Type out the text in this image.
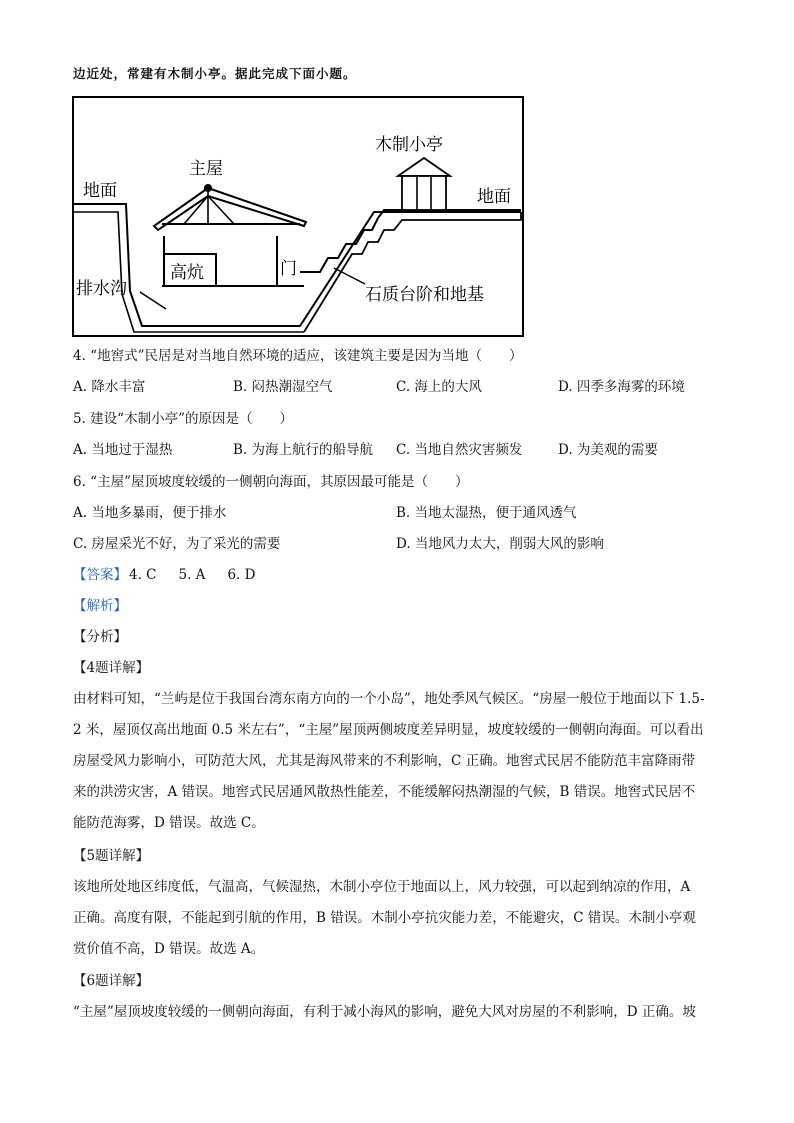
边近处，常建有木制小亭。据此完成下面小题。
地面	地面
主屋
木制小亭
高炕	门
排水沟	石质台阶和地基
4. “地窖式”民居是对当地自然环境的适应，该建筑主要是因为当地（　　）
A. 降水丰富	B. 闷热潮湿空气	C. 海上的大风	D. 四季多海雾的环境
5. 建设“木制小亭”的原因是（　　）
A. 当地过于湿热	B. 为海上航行的船导航 C. 当地自然灾害频发	D. 为美观的需要
6. “主屋”屋顶坡度较缓的一侧朝向海面，其原因最可能是（　　）
A. 当地多暴雨，便于排水	B. 当地太湿热，便于通风透气
C. 房屋采光不好，为了采光的需要	D. 当地风力太大，削弱大风的影响
【答案】 4. C 5. A 6. D
【解析】
【分析】
【4题详解】
由材料可知，“兰屿是位于我国台湾东南方向的一个小岛”，地处季风气候区。“房屋一般位于地面以下 1.5-
2 米，屋顶仅高出地面 0.5 米左右”，“主屋”屋顶两侧坡度差异明显，坡度较缓的一侧朝向海面。可以看出
房屋受风力影响小，可防范大风，尤其是海风带来的不利影响，C 正确。地窖式民居不能防范丰富降雨带
来的洪涝灾害，A 错误。地窖式民居通风散热性能差，不能缓解闷热潮湿的气候，B 错误。地窖式民居不
能防范海雾，D 错误。故选 C。
【5题详解】
该地所处地区纬度低，气温高，气候湿热，木制小亭位于地面以上，风力较强，可以起到纳凉的作用，A
正确。高度有限，不能起到引航的作用，B 错误。木制小亭抗灾能力差，不能避灾，C 错误。木制小亭观
赏价值不高，D 错误。故选 A。
【6题详解】
“主屋”屋顶坡度较缓的一侧朝向海面，有利于减小海风的影响，避免大风对房屋的不利影响，D 正确。坡
